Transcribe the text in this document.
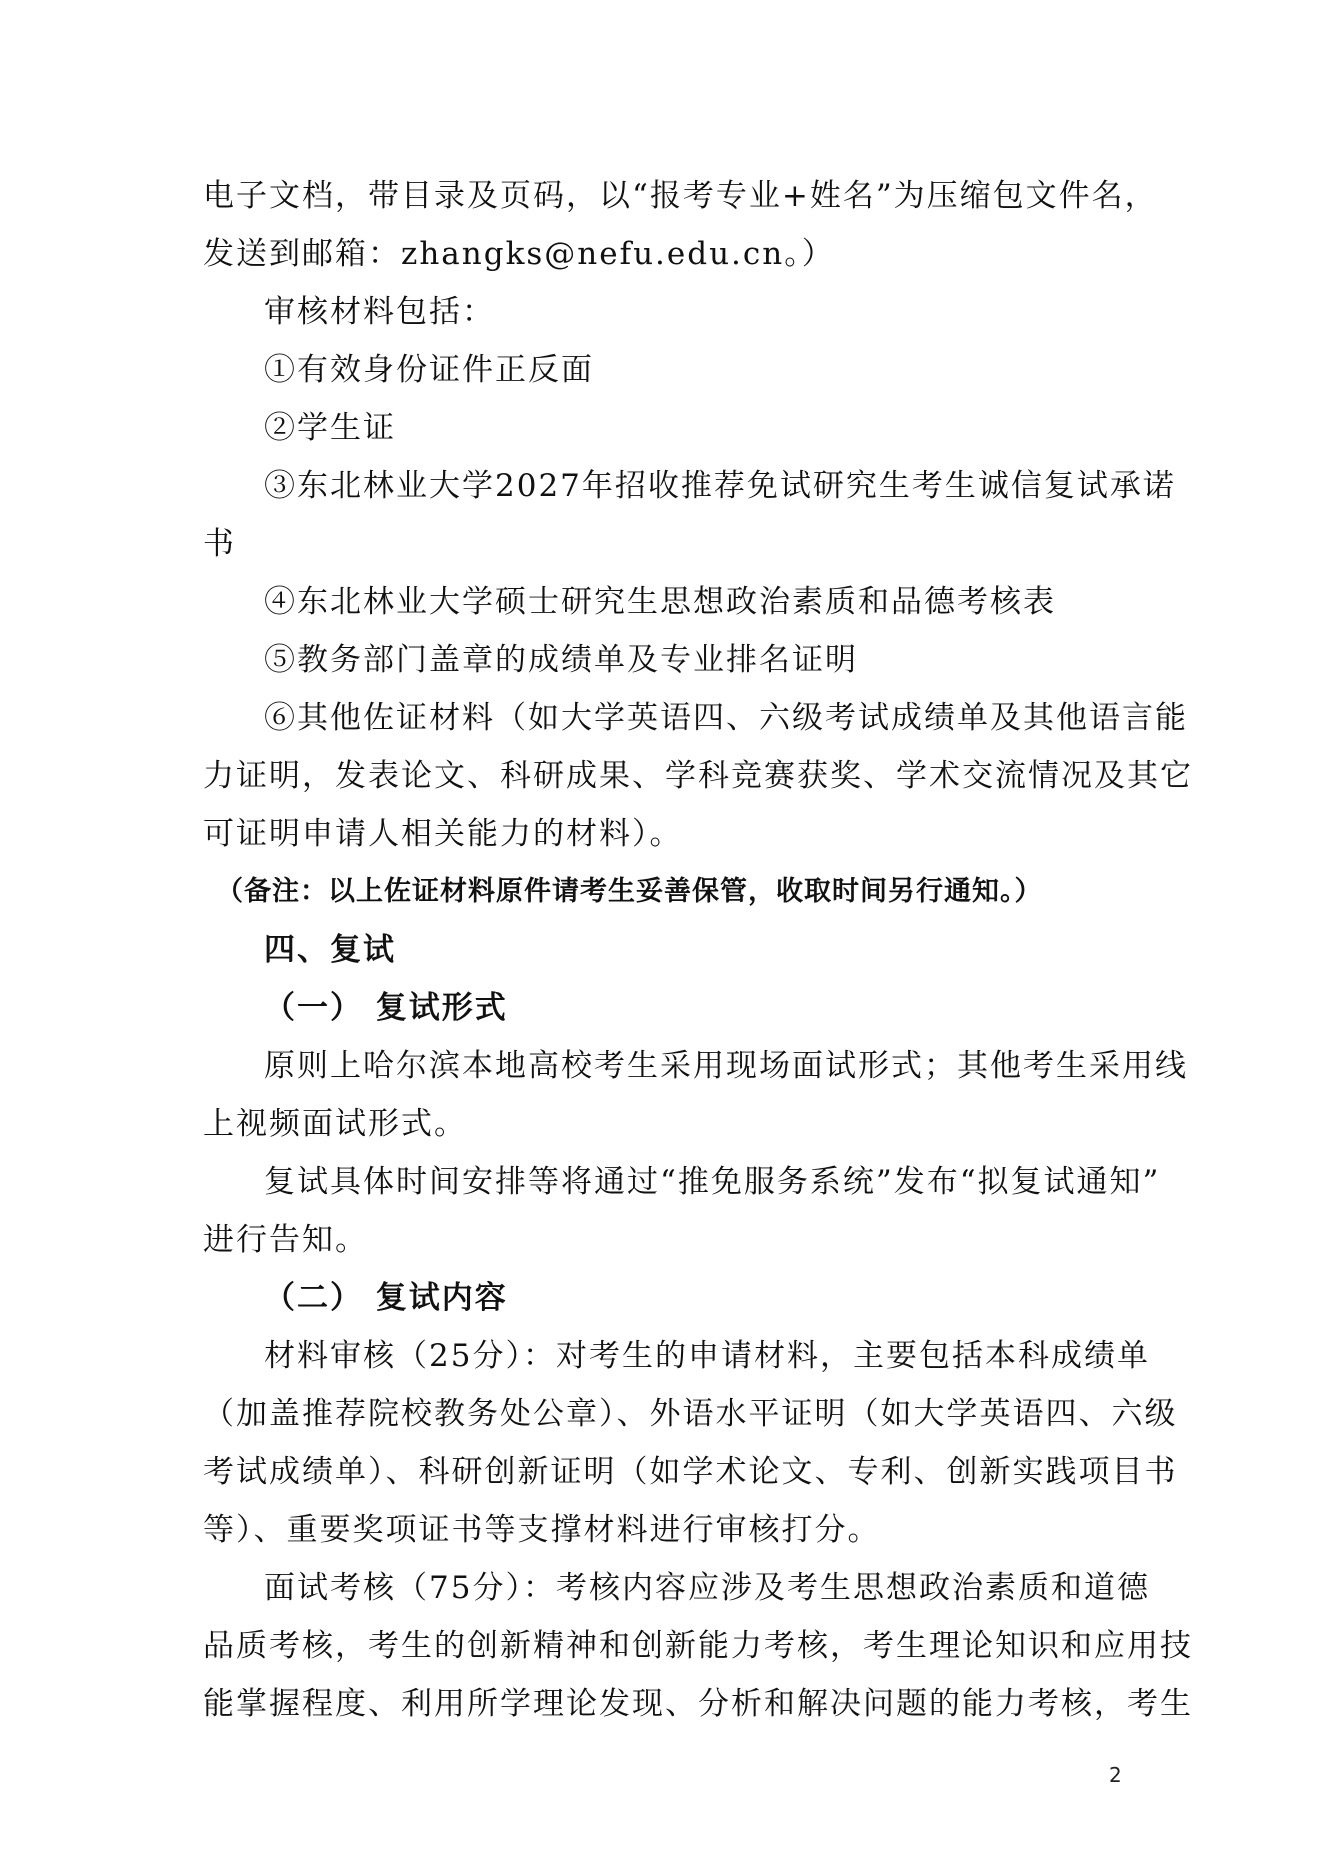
电子文档，带目录及页码，以“报考专业+姓名”为压缩包文件名，
发送到邮箱：zhangks@nefu.edu.cn。）
审核材料包括：
①有效身份证件正反面
②学生证
③东北林业大学2027年招收推荐免试研究生考生诚信复试承诺
书
④东北林业大学硕士研究生思想政治素质和品德考核表
⑤教务部门盖章的成绩单及专业排名证明
⑥其他佐证材料（如大学英语四、六级考试成绩单及其他语言能
力证明，发表论文、科研成果、学科竞赛获奖、学术交流情况及其它
可证明申请人相关能力的材料）。
（备注：以上佐证材料原件请考生妥善保管，收取时间另行通知。）
四、复试
（一） 复试形式
原则上哈尔滨本地高校考生采用现场面试形式；其他考生采用线
上视频面试形式。
复试具体时间安排等将通过“推免服务系统”发布“拟复试通知”
进行告知。
（二） 复试内容
材料审核（25分）：对考生的申请材料，主要包括本科成绩单
（加盖推荐院校教务处公章）、外语水平证明（如大学英语四、六级
考试成绩单）、科研创新证明（如学术论文、专利、创新实践项目书
等）、重要奖项证书等支撑材料进行审核打分。
面试考核（75分）：考核内容应涉及考生思想政治素质和道德
品质考核，考生的创新精神和创新能力考核，考生理论知识和应用技
能掌握程度、利用所学理论发现、分析和解决问题的能力考核，考生
2
